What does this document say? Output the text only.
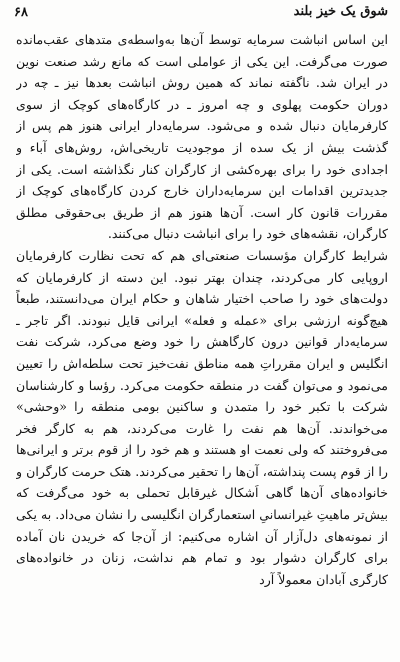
شوق یک خیز بلند
۶۸

این اساس انباشت سرمایه توسط آن‌ها به‌واسطه‌ی متدهای عقب‌مانده صورت می‌گرفت. این یکی از عواملی است که مانع رشد صنعت نوین در ایران شد. ناگفته نماند که همین روش انباشت بعدها نیز ـ چه در دوران حکومت پهلوی و چه امروز ـ در کارگاه‌های کوچک از سوی کارفرمایان دنبال شده و می‌شود. سرمایه‌دار ایرانی هنوز هم پس از گذشت بیش از یک سده از موجودیت تاریخی‌اش، روش‌های آباء و اجدادی خود را برای بهره‌کشی از کارگران کنار نگذاشته است. یکی از جدیدترین اقدامات این سرمایه‌داران خارج کردن کارگاه‌های کوچک از مقررات قانون کار است. آن‌ها هنوز هم از طریق بی‌حقوقی مطلق کارگران، نقشه‌های خود را برای انباشت دنبال می‌کنند.

شرایط کارگران مؤسسات صنعتی‌ای هم که تحت نظارت کارفرمایان اروپایی کار می‌کردند، چندان بهتر نبود. این دسته از کارفرمایان که دولت‌های خود را صاحب اختیار شاهان و حکام ایران می‌دانستند، طبعاً هیچ‌گونه ارزشی برای «عمله و فعله» ایرانی قایل نبودند. اگر تاجر ـ سرمایه‌دار قوانین درون کارگاهش را خود وضع می‌کرد، شرکت نفت انگلیس و ایران مقرراتِ همه مناطق نفت‌خیز تحت سلطه‌اش را تعیین می‌نمود و می‌توان گفت در منطقه حکومت می‌کرد. رؤسا و کارشناسان شرکت با تکبر خود را متمدن و ساکنین بومی منطقه را «وحشی» می‌خواندند. آن‌ها هم نفت را غارت می‌کردند، هم به کارگر فخر می‌فروختند که ولی نعمت او هستند و هم خود را از قوم برتر و ایرانی‌ها را از قوم پست پنداشته، آن‌ها را تحقیر می‌کردند. هتک حرمت کارگران و خانواده‌های آن‌ها گاهی اَشکال غیرقابل تحملی به خود می‌گرفت که بیش‌تر ماهیتِ غیرانسانیِ استعمارگران انگلیسی را نشان می‌داد. به یکی از نمونه‌های دل‌آزار آن اشاره می‌کنیم: از آن‌جا که خریدن نان آماده برای کارگران دشوار بود و تمام هم نداشت، زنان در خانواده‌های کارگری آبادان معمولاً آرد
